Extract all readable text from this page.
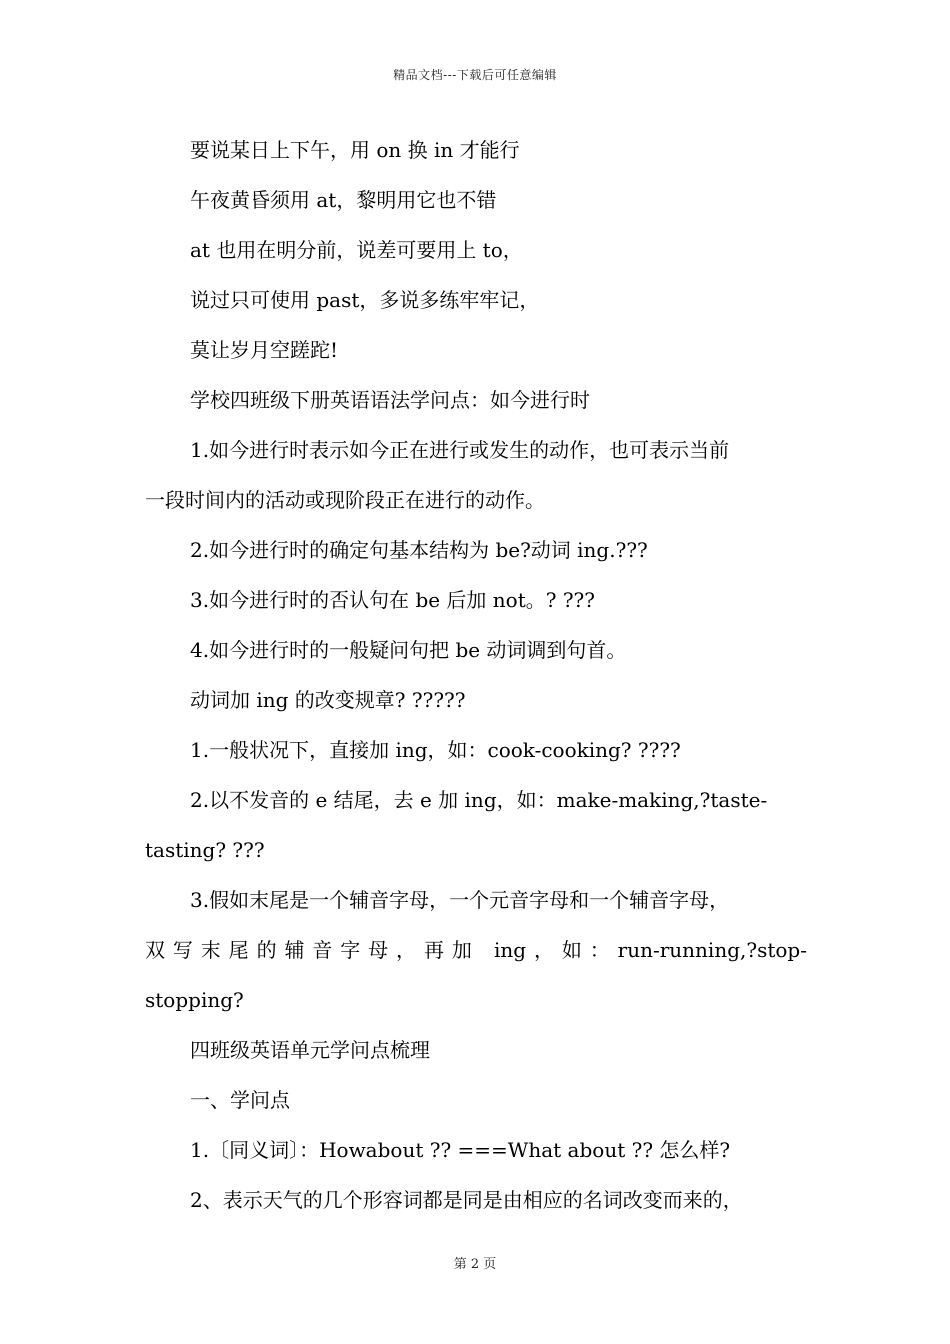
精品文档---下载后可任意编辑
要说某日上下午，用 on 换 in 才能行
午夜黄昏须用 at，黎明用它也不错
at 也用在明分前，说差可要用上 to，
说过只可使用 past，多说多练牢牢记，
莫让岁月空蹉跎!
学校四班级下册英语语法学问点：如今进行时
1.如今进行时表示如今正在进行或发生的动作，也可表示当前
一段时间内的活动或现阶段正在进行的动作。
2.如今进行时的确定句基本结构为 be?动词 ing.???
3.如今进行时的否认句在 be 后加 not。? ???
4.如今进行时的一般疑问句把 be 动词调到句首。
动词加 ing 的改变规章? ?????
1.一般状况下，直接加 ing，如：cook-cooking? ????
2.以不发音的 e 结尾，去 e 加 ing，如：make-making,?taste-
tasting? ???
3.假如末尾是一个辅音字母，一个元音字母和一个辅音字母，
双写末尾的辅音字母，再加 ing，如：run-running,?stop-
stopping?
四班级英语单元学问点梳理
一、学问点
1.〔同义词〕：Howabout ?? ===What about ?? 怎么样?
2、表示天气的几个形容词都是同是由相应的名词改变而来的，
第 2 页
